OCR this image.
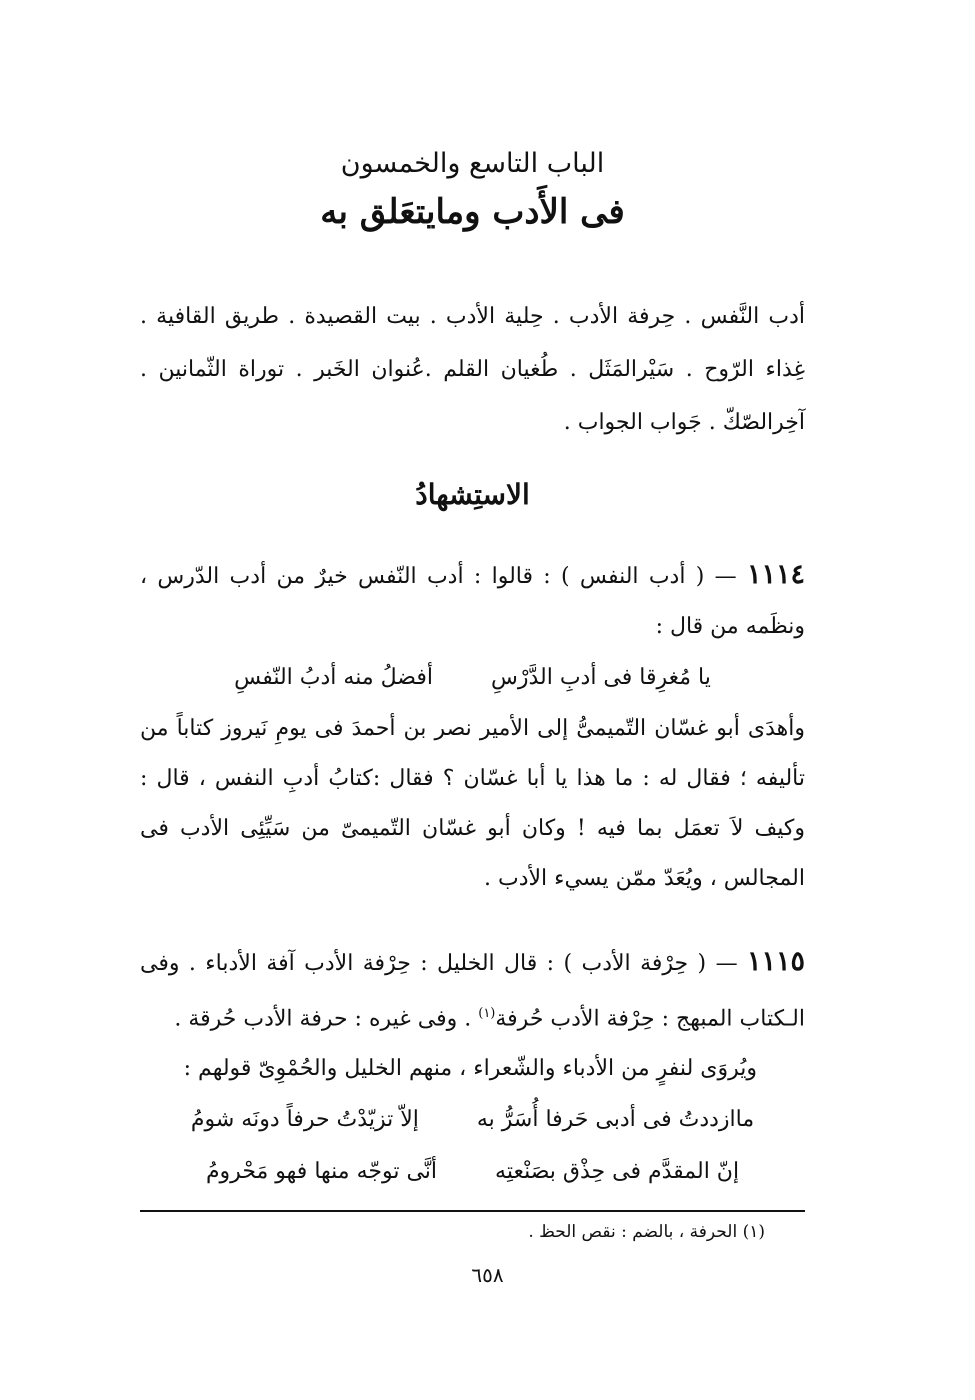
الباب التاسع والخمسون
فى الأَدب ومايتعَلق به
أدب النَّفس . حِرفة الأدب . حِلية الأدب . بيت القصيدة . طريق القافية . غِذاء الرّوح . سَيْرالمَثَل . طُغيان القلم .عُنوان الخَبر . توراة الثّمانين . آخِرالصّكّ . جَواب الجواب .
الاستِشهادُ

١١١٤ — ( أدب النفس ) : قالوا : أدب النّفس خيرٌ من أدب الدّرس ، ونظَمه من قال :

يا مُغرِقا فى أدبِ الدَّرْسِ
أفضلُ منه أدبُ النّفسِ

وأهدَى أبو غسّان التّميمىُّ إلى الأمير نصر بن أحمدَ فى يومِ نَيروز كتاباً من تأليفه ؛ فقال له : ما هذا يا أبا غسّان ؟ فقال :كتابُ أدبِ النفس ، قال : وكيف لاَ تعمَل بما فيه ! وكان أبو غسّان التّميمىّ من سَيِّئِى الأدب فى المجالس ، ويُعَدّ ممّن يسيء الأدب .

١١١٥ — ( حِرْفة الأدب ) : قال الخليل : حِرْفة الأدب آفة الأدباء . وفى الـكتاب المبهج : حِرْفة الأدب حُرفة$^{(١)}$ . وفى غيره : حرفة الأدب حُرقة .

ويُروَى لنفرٍ من الأدباء والشّعراء ، منهم الخليل والحُمْوِىّ قولهم :

ماازددتُ فى أدبى حَرفا أُسَرُّ به
إلاّ تزيّدْتُ حرفاً دونَه شومُ
إنّ المقدَّم فى حِذْق بصَنْعتِه
أنَّى توجّه منها فهو مَحْرومُ
(١) الحرفة ، بالضم : نقص الحظ .
٦٥٨
